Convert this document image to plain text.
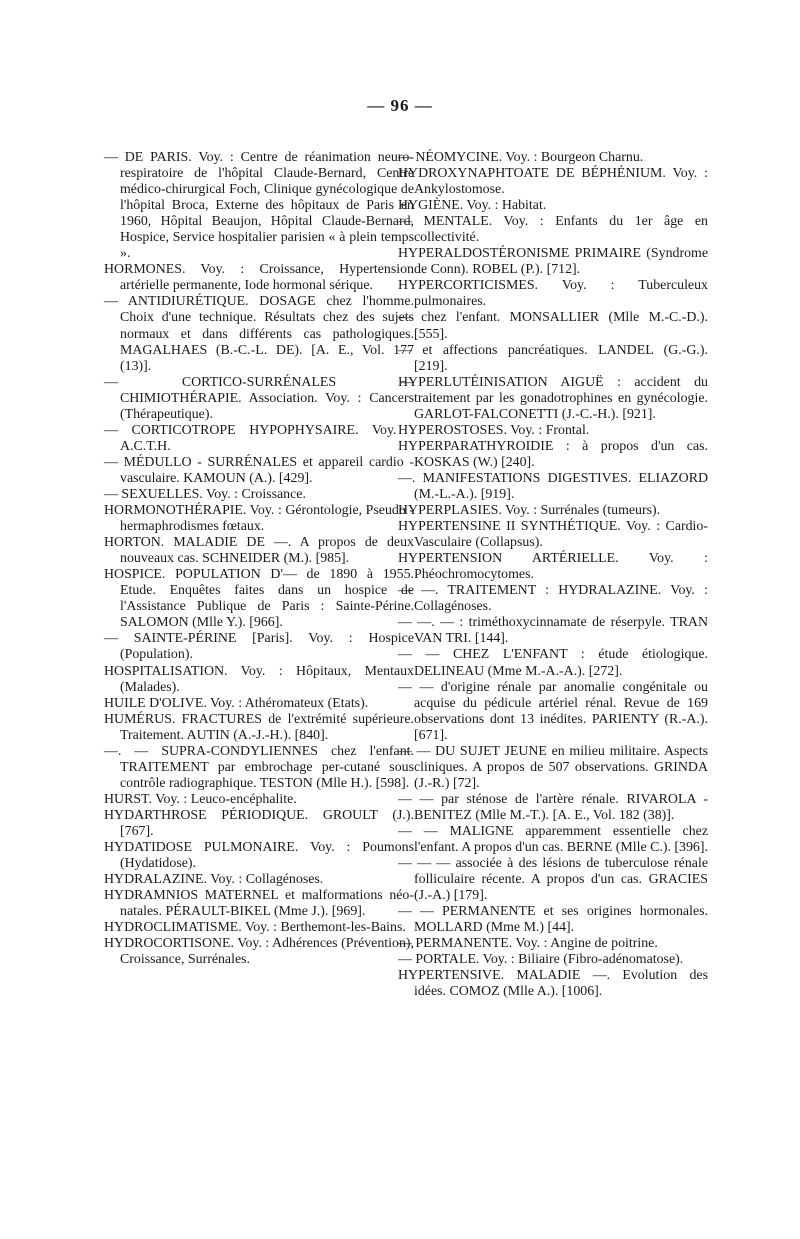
— 96 —
— DE PARIS. Voy. : Centre de réanimation neuro-respiratoire de l'hôpital Claude-Bernard, Centre médico-chirurgical Foch, Clinique gynécologique de l'hôpital Broca, Externe des hôpitaux de Paris en 1960, Hôpital Beaujon, Hôpital Claude-Bernard, Hospice, Service hospitalier parisien « à plein temps ».
HORMONES. Voy. : Croissance, Hypertension artérielle permanente, Iode hormonal sérique.
— ANTIDIURÉTIQUE. DOSAGE chez l'homme. Choix d'une technique. Résultats chez des sujets normaux et dans différents cas pathologiques. MAGALHAES (B.-C.-L. DE). [A. E., Vol. 177 (13)].
— CORTICO-SURRÉNALES — CHIMIOTHÉRAPIE. Association. Voy. : Cancers (Thérapeutique).
— CORTICOTROPE HYPOPHYSAIRE. Voy. : A.C.T.H.
— MÉDULLO - SURRÉNALES et appareil cardio - vasculaire. KAMOUN (A.). [429].
— SEXUELLES. Voy. : Croissance.
HORMONOTHÉRAPIE. Voy. : Gérontologie, Pseudo - hermaphrodismes fœtaux.
HORTON. MALADIE DE —. A propos de deux nouveaux cas. SCHNEIDER (M.). [985].
HOSPICE. POPULATION D'— de 1890 à 1955. Etude. Enquêtes faites dans un hospice de l'Assistance Publique de Paris : Sainte-Périne. SALOMON (Mlle Y.). [966].
— SAINTE-PÉRINE [Paris]. Voy. : Hospice (Population).
HOSPITALISATION. Voy. : Hôpitaux, Mentaux (Malades).
HUILE D'OLIVE. Voy. : Athéromateux (Etats).
HUMÉRUS. FRACTURES de l'extrémité supérieure. Traitement. AUTIN (A.-J.-H.). [840].
—. — SUPRA-CONDYLIENNES chez l'enfant. TRAITEMENT par embrochage per-cutané sous contrôle radiographique. TESTON (Mlle H.). [598].
HURST. Voy. : Leuco-encéphalite.
HYDARTHROSE PÉRIODIQUE. GROULT (J.). [767].
HYDATIDOSE PULMONAIRE. Voy. : Poumons (Hydatidose).
HYDRALAZINE. Voy. : Collagénoses.
HYDRAMNIOS MATERNEL et malformations néo-natales. PÉRAULT-BIKEL (Mme J.). [969].
HYDROCLIMATISME. Voy. : Berthemont-les-Bains.
HYDROCORTISONE. Voy. : Adhérences (Prévention), Croissance, Surrénales.
— NÉOMYCINE. Voy. : Bourgeon Charnu.
HYDROXYNAPHTOATE DE BÉPHÉNIUM. Voy. : Ankylostomose.
HYGIÈNE. Voy. : Habitat.
— MENTALE. Voy. : Enfants du 1er âge en collectivité.
HYPERALDOSTÉRONISME PRIMAIRE (Syndrome de Conn). ROBEL (P.). [712].
HYPERCORTICISMES. Voy. : Tuberculeux pulmonaires.
— chez l'enfant. MONSALLIER (Mlle M.-C.-D.). [555].
— et affections pancréatiques. LANDEL (G.-G.). [219].
HYPERLUTÉINISATION AIGUË : accident du traitement par les gonadotrophines en gynécologie. GARLOT-FALCONETTI (J.-C.-H.). [921].
HYPEROSTOSES. Voy. : Frontal.
HYPERPARATHYROIDIE : à propos d'un cas. KOSKAS (W.) [240].
—. MANIFESTATIONS DIGESTIVES. ELIAZORD (M.-L.-A.). [919].
HYPERPLASIES. Voy. : Surrénales (tumeurs).
HYPERTENSINE II SYNTHÉTIQUE. Voy. : Cardio-Vasculaire (Collapsus).
HYPERTENSION ARTÉRIELLE. Voy. : Phéochromocytomes.
— —. TRAITEMENT : HYDRALAZINE. Voy. : Collagénoses.
— —. — : triméthoxycinnamate de réserpyle. TRAN VAN TRI. [144].
— — CHEZ L'ENFANT : étude étiologique. DELINEAU (Mme M.-A.-A.). [272].
— — d'origine rénale par anomalie congénitale ou acquise du pédicule artériel rénal. Revue de 169 observations dont 13 inédites. PARIENTY (R.-A.). [671].
— — DU SUJET JEUNE en milieu militaire. Aspects cliniques. A propos de 507 observations. GRINDA (J.-R.) [72].
— — par sténose de l'artère rénale. RIVAROLA - BENITEZ (Mlle M.-T.). [A. E., Vol. 182 (38)].
— — MALIGNE apparemment essentielle chez l'enfant. A propos d'un cas. BERNE (Mlle C.). [396].
— — — associée à des lésions de tuberculose rénale folliculaire récente. A propos d'un cas. GRACIES (J.-A.) [179].
— — PERMANENTE et ses origines hormonales. MOLLARD (Mme M.) [44].
— PERMANENTE. Voy. : Angine de poitrine.
— PORTALE. Voy. : Biliaire (Fibro-adénomatose).
HYPERTENSIVE. MALADIE —. Evolution des idées. COMOZ (Mlle A.). [1006].
